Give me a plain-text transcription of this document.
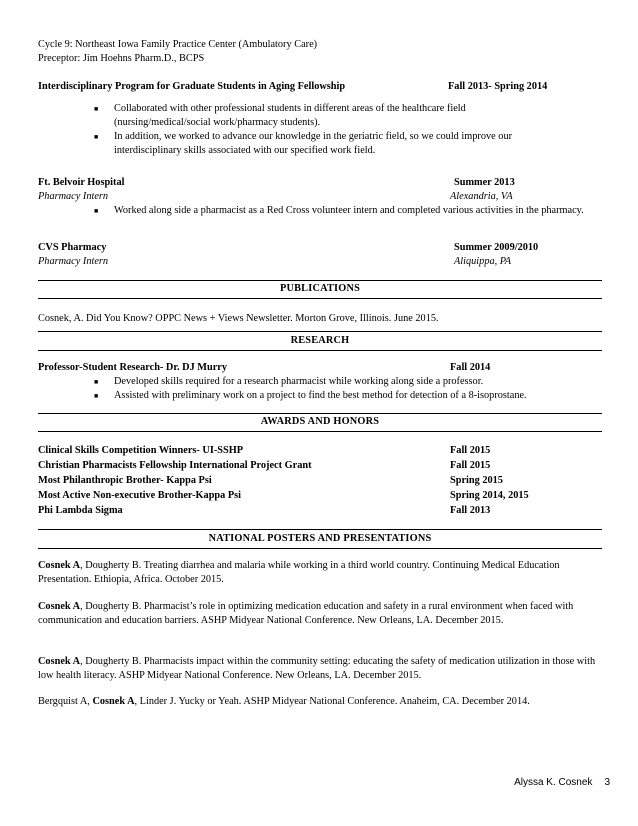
Cycle 9: Northeast Iowa Family Practice Center (Ambulatory Care)
Preceptor: Jim Hoehns Pharm.D., BCPS
Interdisciplinary Program for Graduate Students in Aging Fellowship	Fall 2013- Spring 2014
■ Collaborated with other professional students in different areas of the healthcare field (nursing/medical/social work/pharmacy students).
■ In addition, we worked to advance our knowledge in the geriatric field, so we could improve our interdisciplinary skills associated with our specified work field.
Ft. Belvoir Hospital	Summer 2013
Pharmacy Intern	Alexandria, VA
■ Worked along side a pharmacist as a Red Cross volunteer intern and completed various activities in the pharmacy.
CVS Pharmacy	Summer 2009/2010
Pharmacy Intern	Aliquippa, PA
PUBLICATIONS
Cosnek, A. Did You Know? OPPC News + Views Newsletter. Morton Grove, Illinois. June 2015.
RESEARCH
Professor-Student Research- Dr. DJ Murry	Fall 2014
■ Developed skills required for a research pharmacist while working along side a professor.
■ Assisted with preliminary work on a project to find the best method for detection of a 8-isoprostane.
AWARDS AND HONORS
Clinical Skills Competition Winners- UI-SSHP	Fall 2015
Christian Pharmacists Fellowship International Project Grant	Fall 2015
Most Philanthropic Brother- Kappa Psi	Spring 2015
Most Active Non-executive Brother-Kappa Psi	Spring 2014, 2015
Phi Lambda Sigma	Fall 2013
NATIONAL POSTERS AND PRESENTATIONS
Cosnek A, Dougherty B. Treating diarrhea and malaria while working in a third world country. Continuing Medical Education Presentation. Ethiopia, Africa. October 2015.
Cosnek A, Dougherty B. Pharmacist’s role in optimizing medication education and safety in a rural environment when faced with communication and education barriers. ASHP Midyear National Conference. New Orleans, LA. December 2015.
Cosnek A, Dougherty B. Pharmacists impact within the community setting: educating the safety of medication utilization in those with low health literacy. ASHP Midyear National Conference. New Orleans, LA. December 2015.
Bergquist A, Cosnek A, Linder J. Yucky or Yeah. ASHP Midyear National Conference. Anaheim, CA. December 2014.
Alyssa K. Cosnek 3
